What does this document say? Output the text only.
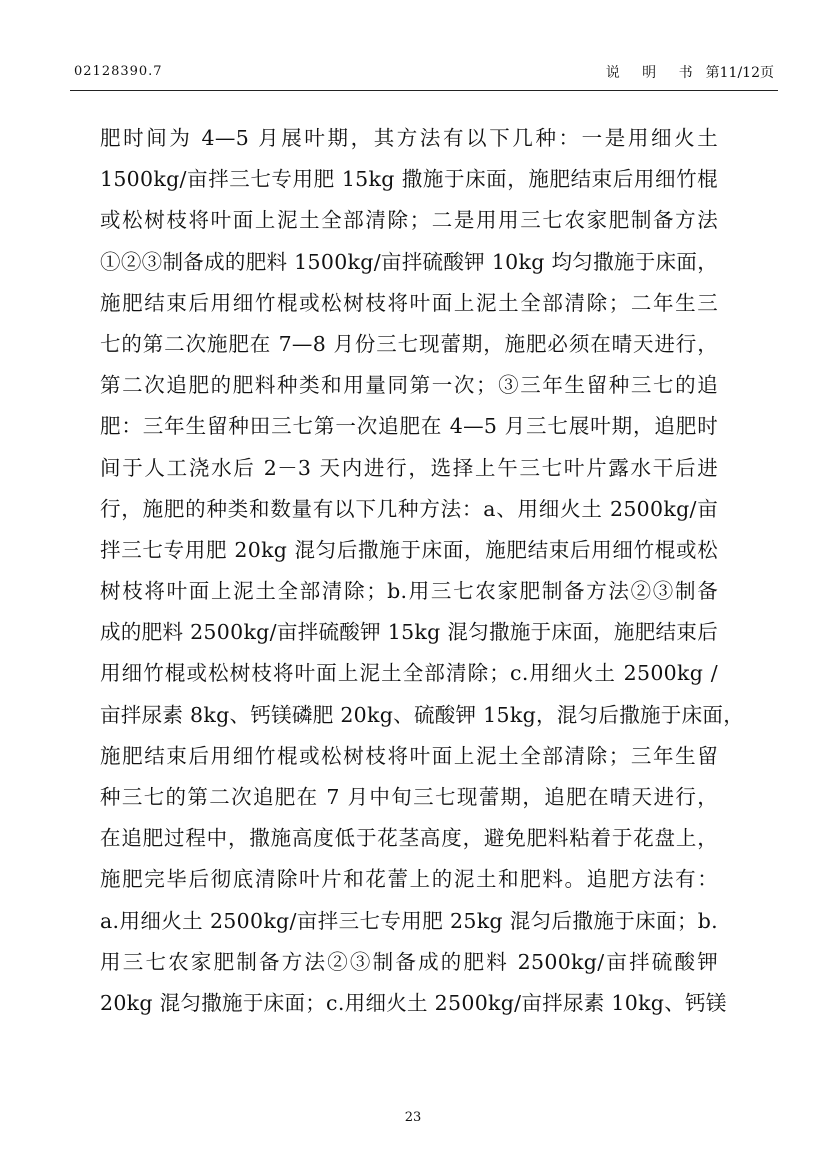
02128390.7	说 明 书 第11/12页
肥时间为 4—5 月展叶期，其方法有以下几种：一是用细火土
1500kg/亩拌三七专用肥 15kg 撒施于床面，施肥结束后用细竹棍
或松树枝将叶面上泥土全部清除；二是用用三七农家肥制备方法
①②③制备成的肥料 1500kg/亩拌硫酸钾 10kg 均匀撒施于床面，
施肥结束后用细竹棍或松树枝将叶面上泥土全部清除；二年生三
七的第二次施肥在 7—8 月份三七现蕾期，施肥必须在晴天进行，
第二次追肥的肥料种类和用量同第一次；③三年生留种三七的追
肥：三年生留种田三七第一次追肥在 4—5 月三七展叶期，追肥时
间于人工浇水后 2－3 天内进行，选择上午三七叶片露水干后进
行，施肥的种类和数量有以下几种方法：a、用细火土 2500kg/亩
拌三七专用肥 20kg 混匀后撒施于床面，施肥结束后用细竹棍或松
树枝将叶面上泥土全部清除；b.用三七农家肥制备方法②③制备
成的肥料 2500kg/亩拌硫酸钾 15kg 混匀撒施于床面，施肥结束后
用细竹棍或松树枝将叶面上泥土全部清除；c.用细火土 2500kg /
亩拌尿素 8kg、钙镁磷肥 20kg、硫酸钾 15kg，混匀后撒施于床面，
施肥结束后用细竹棍或松树枝将叶面上泥土全部清除；三年生留
种三七的第二次追肥在 7 月中旬三七现蕾期，追肥在晴天进行，
在追肥过程中，撒施高度低于花茎高度，避免肥料粘着于花盘上，
施肥完毕后彻底清除叶片和花蕾上的泥土和肥料。追肥方法有：
a.用细火土 2500kg/亩拌三七专用肥 25kg 混匀后撒施于床面；b.
用三七农家肥制备方法②③制备成的肥料 2500kg/亩拌硫酸钾
20kg 混匀撒施于床面；c.用细火土 2500kg/亩拌尿素 10kg、钙镁
23
